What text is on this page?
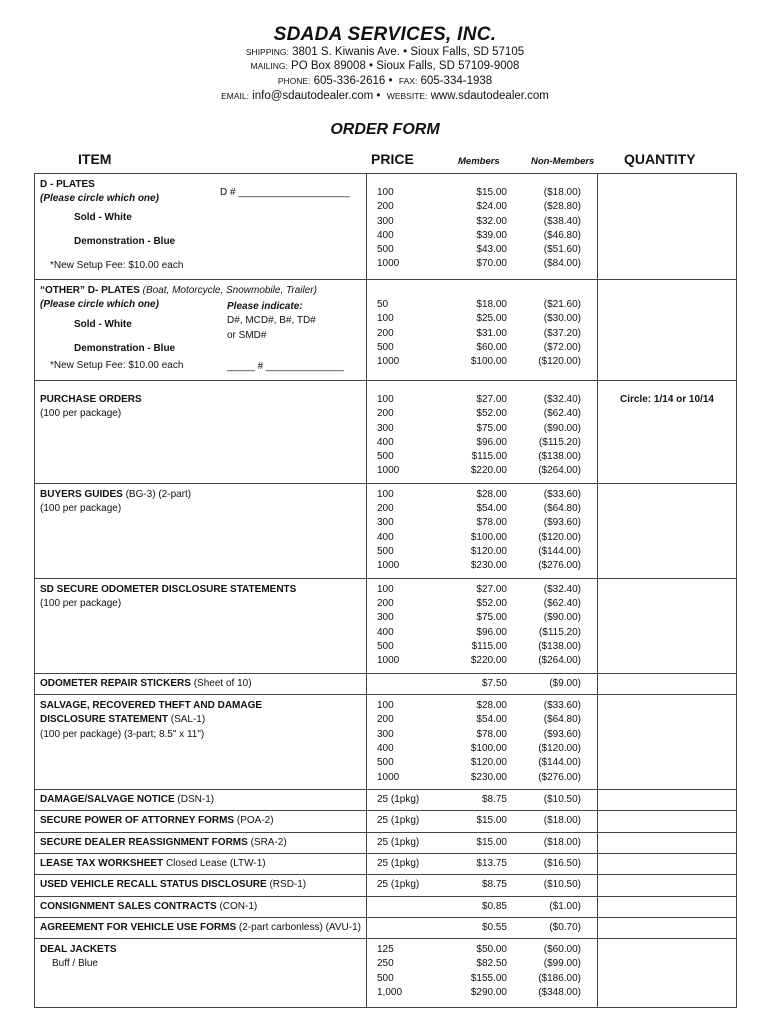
SDADA SERVICES, INC.
SHIPPING: 3801 S. Kiwanis Ave. • Sioux Falls, SD 57105
MAILING: PO Box 89008 • Sioux Falls, SD 57109-9008
PHONE: 605-336-2616 •  FAX: 605-334-1938
EMAIL: info@sdautodealer.com •  WEBSITE: www.sdautodealer.com
ORDER FORM
ITEM	PRICE	Members	Non-Members QUANTITY
D - PLATES
(Please circle which one)
D # ____________________
Sold - White
Demonstration - Blue
*New Setup Fee: $10.00 each

100	$15.00	($18.00)
200	$24.00	($28.80)
300	$32.00	($38.40)
400	$39.00	($46.80)
500	$43.00	($51.60)
1000	$70.00	($84.00)

“OTHER” D- PLATES (Boat, Motorcycle, Snowmobile, Trailer)
(Please circle which one)	Please indicate:
D#, MCD#, B#, TD#
or SMD#
Sold - White
Demonstration - Blue
*New Setup Fee: $10.00 each	_____ # ______________

50	$18.00	($21.60)
100	$25.00	($30.00)
200	$31.00	($37.20)
500	$60.00	($72.00)
1000	$100.00	($120.00)

PURCHASE ORDERS
(100 per package)

100	$27.00	($32.40)
200	$52.00	($62.40)
300	$75.00	($90.00)
400	$96.00	($115.20)
500	$115.00	($138.00)
1000	$220.00	($264.00)

Circle: 1/14 or 10/14

BUYERS GUIDES (BG-3) (2-part)
(100 per package)

100	$28.00	($33.60)
200	$54.00	($64.80)
300	$78.00	($93.60)
400	$100.00	($120.00)
500	$120.00	($144.00)
1000	$230.00	($276.00)

SD SECURE ODOMETER DISCLOSURE STATEMENTS
(100 per package)

100	$27.00	($32.40)
200	$52.00	($62.40)
300	$75.00	($90.00)
400	$96.00	($115.20)
500	$115.00	($138.00)
1000	$220.00	($264.00)

ODOMETER REPAIR STICKERS (Sheet of 10)	
		$7.50	($9.00)

SALVAGE, RECOVERED THEFT AND DAMAGE
DISCLOSURE STATEMENT (SAL-1)
(100 per package) (3-part; 8.5" x 11")

100	$28.00	($33.60)
200	$54.00	($64.80)
300	$78.00	($93.60)
400	$100.00	($120.00)
500	$120.00	($144.00)
1000	$230.00	($276.00)

DAMAGE/SALVAGE NOTICE (DSN-1)		25 (1pkg)	$8.75	($10.50)

SECURE POWER OF ATTORNEY FORMS (POA-2)		25 (1pkg)	$15.00	($18.00)

SECURE DEALER REASSIGNMENT FORMS (SRA-2)		25 (1pkg)	$15.00	($18.00)

LEASE TAX WORKSHEET Closed Lease (LTW-1)		25 (1pkg)	$13.75	($16.50)

USED VEHICLE RECALL STATUS DISCLOSURE (RSD-1)		25 (1pkg)	$8.75	($10.50)

CONSIGNMENT SALES CONTRACTS (CON-1)	
		$0.85	($1.00)

AGREEMENT FOR VEHICLE USE FORMS (2-part carbonless) (AVU-1)	
		$0.55	($0.70)

DEAL JACKETS
Buff / Blue

125	$50.00	($60.00)
250	$82.50	($99.00)
500	$155.00	($186.00)
1,000	$290.00	($348.00)
